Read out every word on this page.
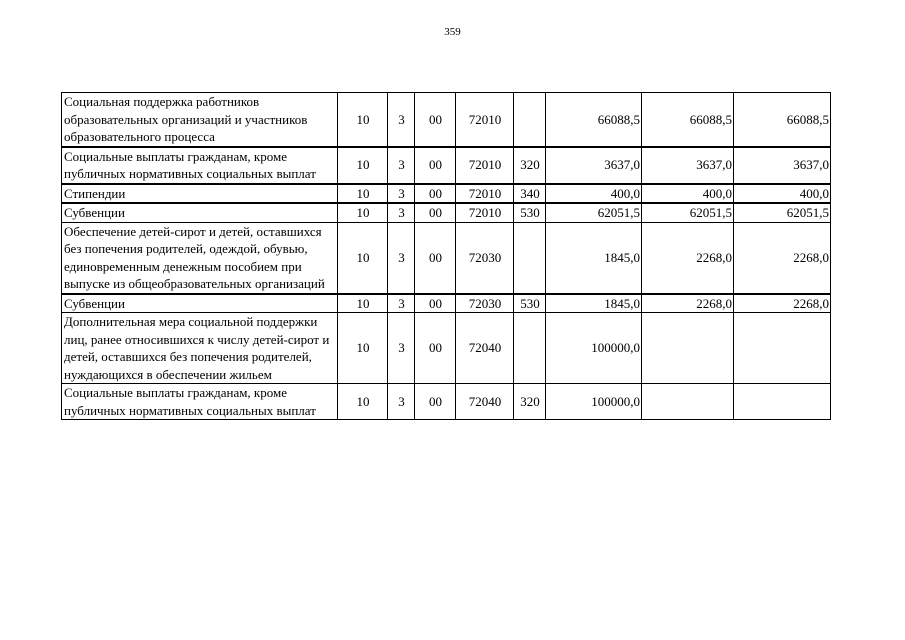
359
Социальная поддержка работников образовательных организаций и участников образовательного процесса	10	3	00	72010		66088,5	66088,5	66088,5
Социальные выплаты гражданам, кроме публичных нормативных социальных выплат	10	3	00	72010	320	3637,0	3637,0	3637,0
Стипендии	10	3	00	72010	340	400,0	400,0	400,0
Субвенции	10	3	00	72010	530	62051,5	62051,5	62051,5
Обеспечение детей-сирот и детей, оставшихся без попечения родителей, одеждой, обувью, единовременным денежным пособием при выпуске из общеобразовательных организаций	10	3	00	72030		1845,0	2268,0	2268,0
Субвенции	10	3	00	72030	530	1845,0	2268,0	2268,0
Дополнительная мера социальной поддержки лиц, ранее относившихся к числу детей-сирот и детей, оставшихся без попечения родителей, нуждающихся в обеспечении жильем	10	3	00	72040		100000,0		
Социальные выплаты гражданам, кроме публичных нормативных социальных выплат	10	3	00	72040	320	100000,0		
